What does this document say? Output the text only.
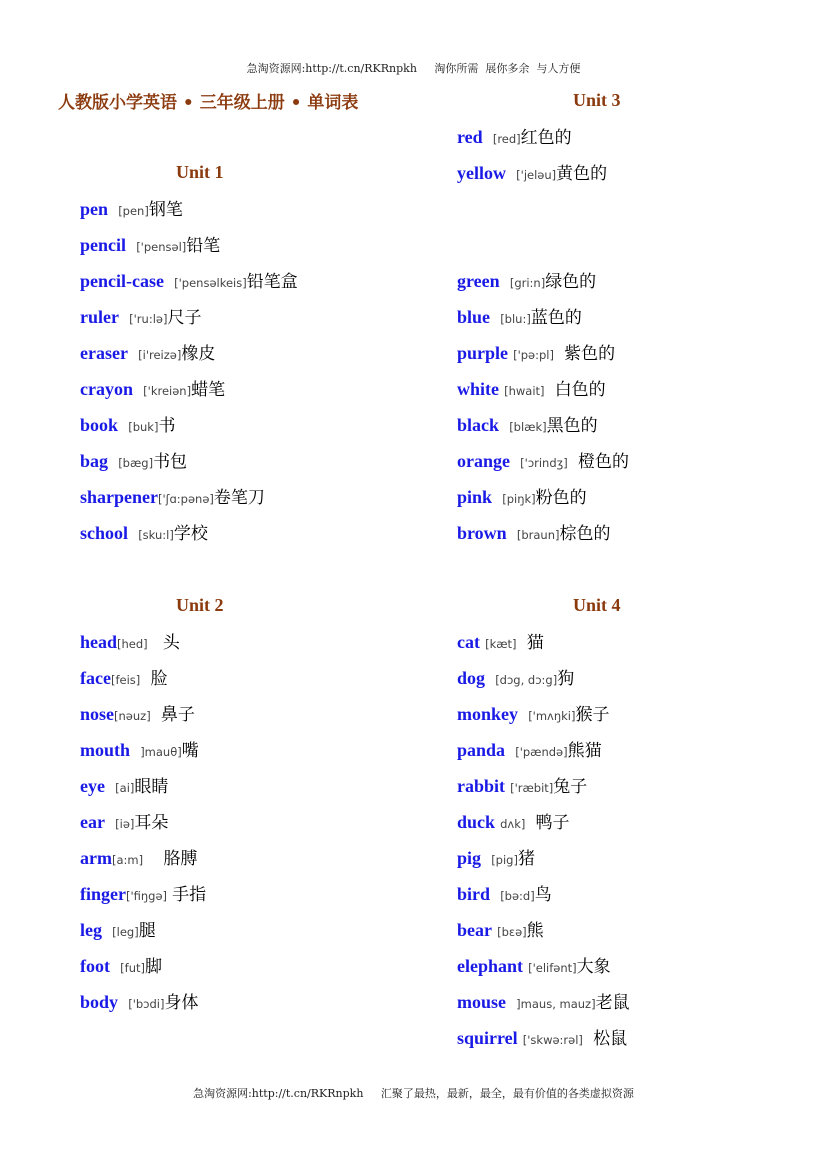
急淘资源网:http://t.cn/RKRnpkh     淘你所需  展你多余  与人方便
人教版小学英语 • 三年级上册 • 单词表
Unit 1
pen [pen]钢笔
pencil ['pensəl]铅笔
pencil-case ['pensəlkeis]铅笔盒
ruler ['ru:lə]尺子
eraser [i'reizə]橡皮
crayon ['kreiən]蜡笔
book [buk]书
bag [bæg]书包
sharpener['ʃɑ:pənə]卷笔刀
school [sku:l]学校
Unit 2
head[hed] 头
face[feis] 脸
nose[nəuz] 鼻子
mouth ]mauθ]嘴
eye [ai]眼睛
ear [iə]耳朵
arm[a:m] 胳膊
finger['fiŋgə] 手指
leg [leg]腿
foot [fut]脚
body ['bɔdi]身体
Unit 3
red [red]红色的
yellow ['jeləu]黄色的
green [gri:n]绿色的
blue [blu:]蓝色的
purple ['pə:pl] 紫色的
white [hwait] 白色的
black [blæk]黑色的
orange ['ɔrindʒ] 橙色的
pink [piŋk]粉色的
brown [braun]棕色的
Unit 4
cat [kæt] 猫
dog [dɔg, dɔ:g]狗
monkey ['mʌŋki]猴子
panda ['pændə]熊猫
rabbit ['ræbit]兔子
duck dʌk] 鸭子
pig [pig]猪
bird [bə:d]鸟
bear [bεə]熊
elephant ['elifənt]大象
mouse ]maus, mauz]老鼠
squirrel ['skwə:rəl] 松鼠
急淘资源网:http://t.cn/RKRnpkh     汇聚了最热，最新，最全，最有价值的各类虚拟资源
